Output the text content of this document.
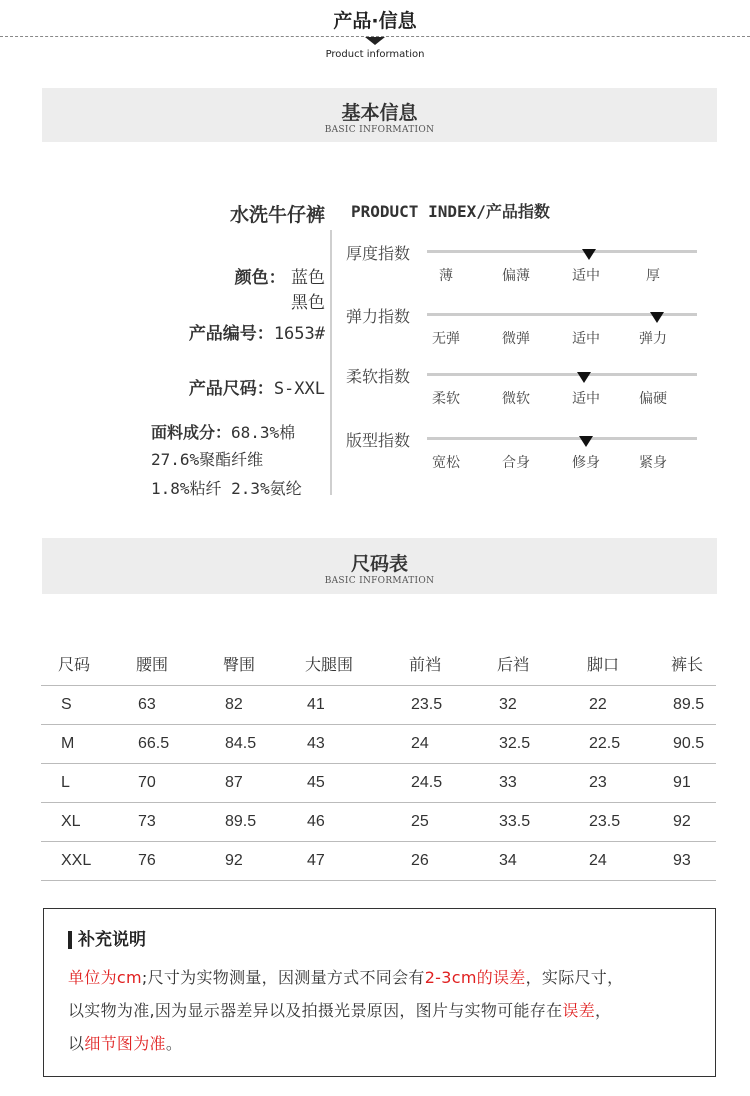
产品·信息
Product information
基本信息
BASIC INFORMATION
水洗牛仔裤
颜色： 蓝色
黑色
产品编号：1653#
产品尺码：S-XXL
面料成分：68.3%棉
27.6%聚酯纤维
1.8%粘纤 2.3%氨纶
PRODUCT INDEX/产品指数
厚度指数
薄	偏薄	适中	厚
弹力指数
无弹	微弹	适中	弹力
柔软指数
柔软	微软	适中	偏硬
版型指数
宽松	合身	修身	紧身
尺码表
BASIC INFORMATION
尺码	腰围	臀围	大腿围	前裆	后裆	脚口	裤长
S	63	82	41	23.5	32	22	89.5
M	66.5	84.5	43	24	32.5	22.5	90.5
L	70	87	45	24.5	33	23	91
XL	73	89.5	46	25	33.5	23.5	92
XXL	76	92	47	26	34	24	93
补充说明
单位为cm;尺寸为实物测量，因测量方式不同会有2-3cm的误差，实际尺寸，
以实物为准,因为显示器差异以及拍摄光景原因，图片与实物可能存在误差，
以细节图为准。
